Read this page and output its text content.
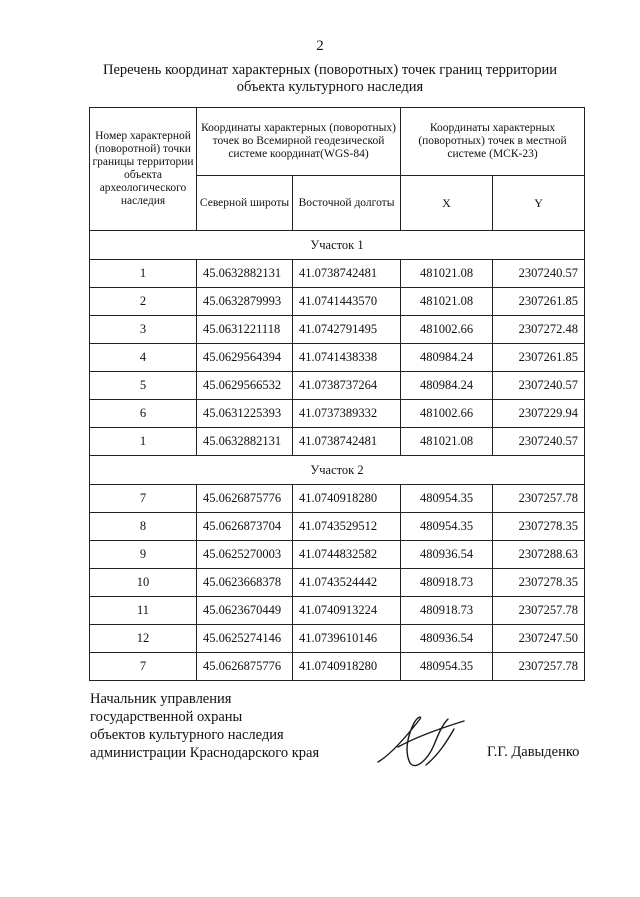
2
Перечень координат характерных (поворотных) точек границ территории
объекта культурного наследия
Номер характерной (поворотной) точки границы территории объекта археологического наследия	Координаты характерных (поворотных) точек во Всемирной геодезической системе координат(WGS-84)		Координаты характерных (поворотных) точек в местной системе (МСК-23)	
	Северной широты	Восточной долготы	X	Y
Участок 1				
1	45.0632882131	41.0738742481	481021.08	2307240.57
2	45.0632879993	41.0741443570	481021.08	2307261.85
3	45.0631221118	41.0742791495	481002.66	2307272.48
4	45.0629564394	41.0741438338	480984.24	2307261.85
5	45.0629566532	41.0738737264	480984.24	2307240.57
6	45.0631225393	41.0737389332	481002.66	2307229.94
1	45.0632882131	41.0738742481	481021.08	2307240.57
Участок 2				
7	45.0626875776	41.0740918280	480954.35	2307257.78
8	45.0626873704	41.0743529512	480954.35	2307278.35
9	45.0625270003	41.0744832582	480936.54	2307288.63
10	45.0623668378	41.0743524442	480918.73	2307278.35
11	45.0623670449	41.0740913224	480918.73	2307257.78
12	45.0625274146	41.0739610146	480936.54	2307247.50
7	45.0626875776	41.0740918280	480954.35	2307257.78
Начальник управления
государственной охраны
объектов культурного наследия
администрации Краснодарского края	Г.Г. Давыденко
